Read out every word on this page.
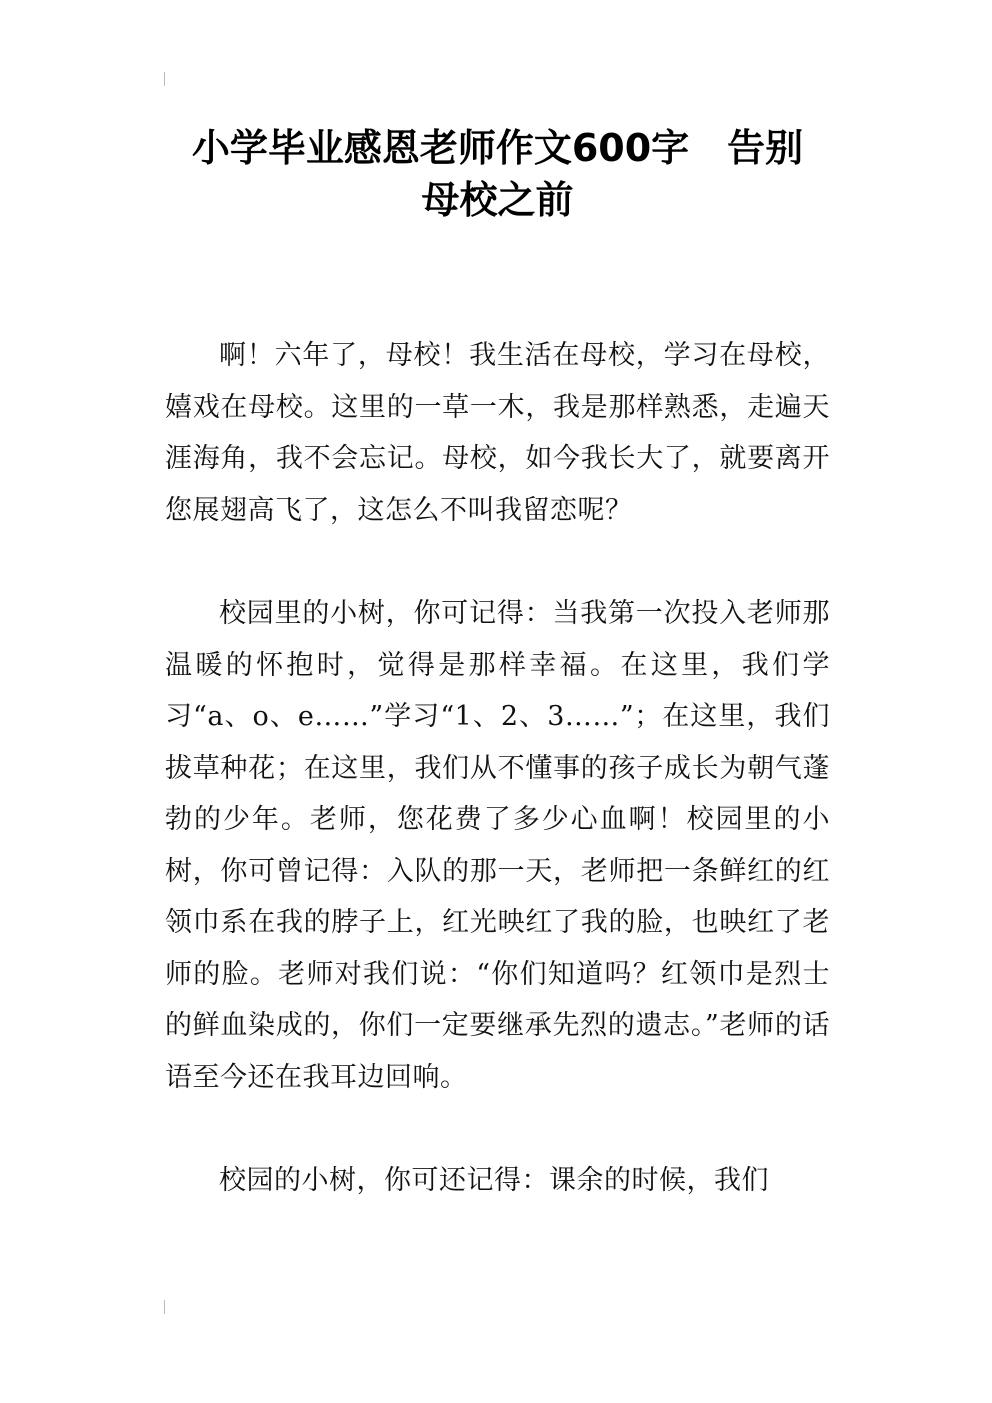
小学毕业感恩老师作文600字　告别
母校之前

啊！六年了，母校！我生活在母校，学习在母校，嬉戏在母校。这里的一草一木，我是那样熟悉，走遍天涯海角，我不会忘记。母校，如今我长大了，就要离开您展翅高飞了，这怎么不叫我留恋呢？

校园里的小树，你可记得：当我第一次投入老师那温暖的怀抱时，觉得是那样幸福。在这里，我们学习“a、o、e……”学习“1、2、3……”；在这里，我们拔草种花；在这里，我们从不懂事的孩子成长为朝气蓬勃的少年。老师，您花费了多少心血啊！校园里的小树，你可曾记得：入队的那一天，老师把一条鲜红的红领巾系在我的脖子上，红光映红了我的脸，也映红了老师的脸。老师对我们说：“你们知道吗？红领巾是烈士的鲜血染成的，你们一定要继承先烈的遗志。”老师的话语至今还在我耳边回响。

校园的小树，你可还记得：课余的时候，我们
